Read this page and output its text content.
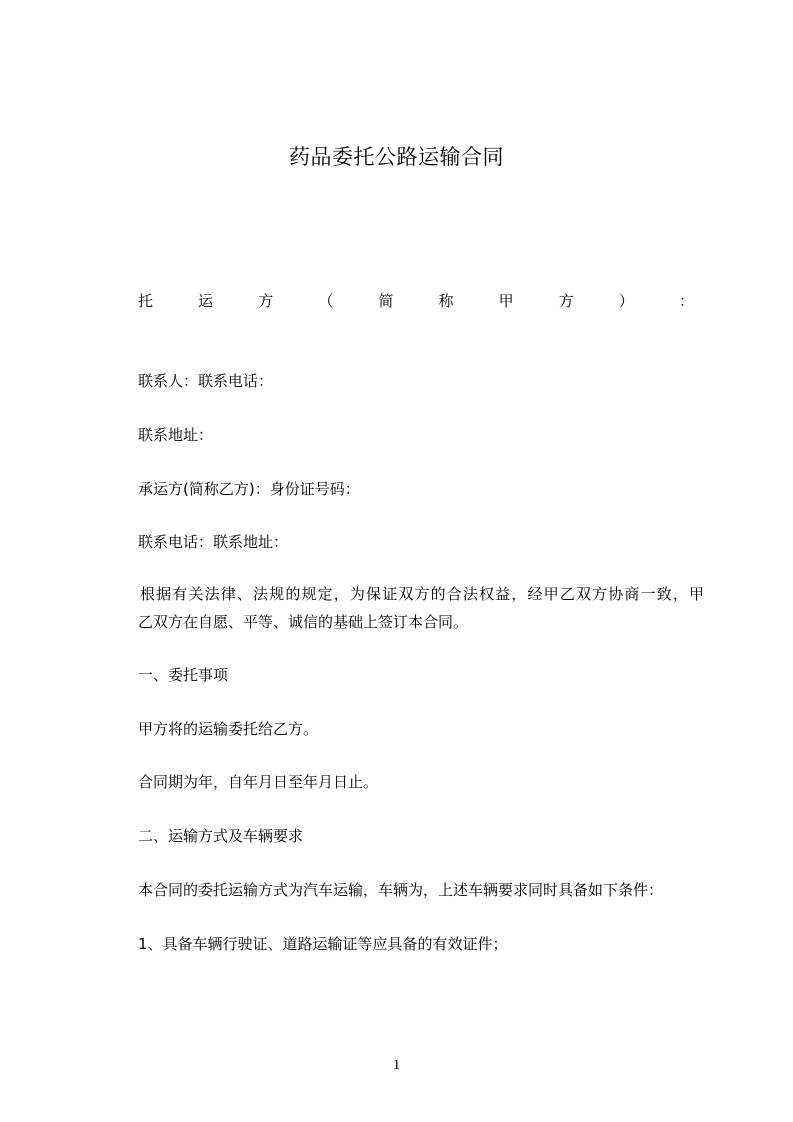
药品委托公路运输合同
托	运	方	（	简	称	甲	方	）	：
联系人：联系电话：
联系地址：
承运方(简称乙方)：身份证号码：
联系电话：联系地址：
根据有关法律、法规的规定，为保证双方的合法权益，经甲乙双方协商一致，甲
乙双方在自愿、平等、诚信的基础上签订本合同。
一、委托事项
甲方将的运输委托给乙方。
合同期为年，自年月日至年月日止。
二、运输方式及车辆要求
本合同的委托运输方式为汽车运输，车辆为，上述车辆要求同时具备如下条件：
1、具备车辆行驶证、道路运输证等应具备的有效证件；
1
